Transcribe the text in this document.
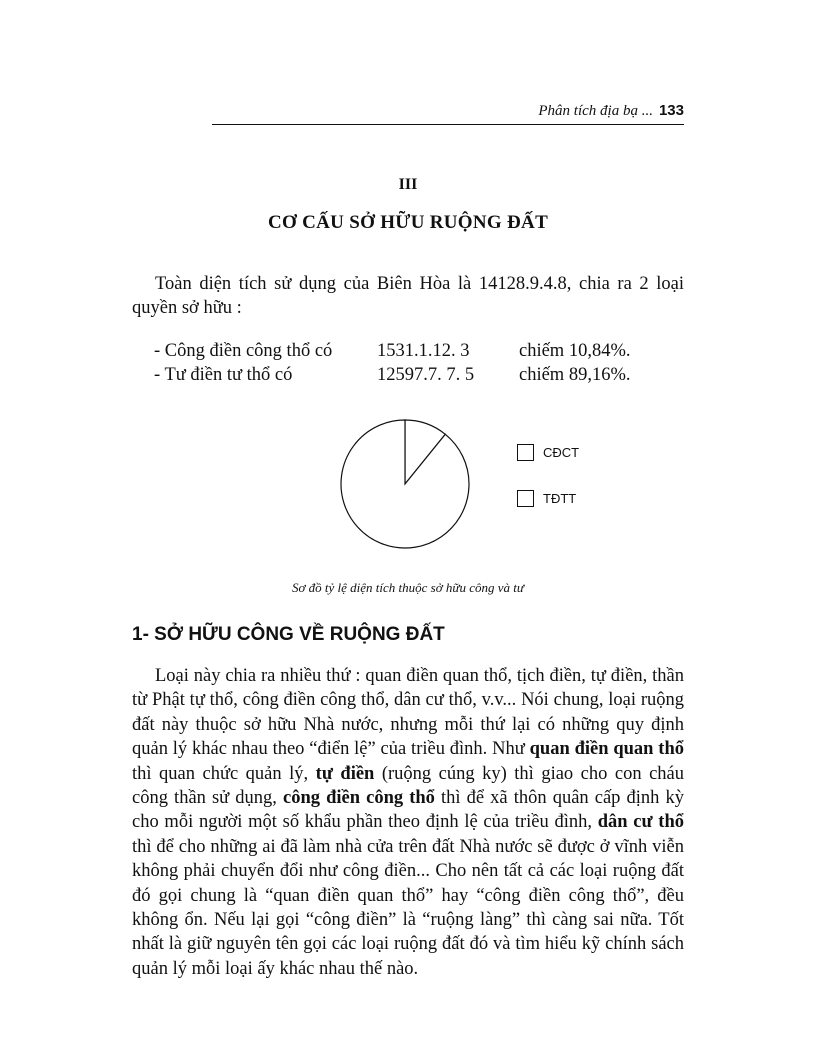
Phân tích địa bạ ... 133
III
CƠ CẤU SỞ HỮU RUỘNG ĐẤT
Toàn diện tích sử dụng của Biên Hòa là 14128.9.4.8, chia ra 2 loại quyền sở hữu :
- Công điền công thổ có 1531.1.12. 3	chiếm 10,84%.
- Tư điền tư thổ có	12597.7. 7. 5 chiếm 89,16%.
CĐCT
TĐTT
Sơ đồ tỷ lệ diện tích thuộc sở hữu công và tư
1- SỞ HỮU CÔNG VỀ RUỘNG ĐẤT
Loại này chia ra nhiều thứ : quan điền quan thổ, tịch điền, tự điền, thần từ Phật tự thổ, công điền công thổ, dân cư thổ, v.v... Nói chung, loại ruộng đất này thuộc sở hữu Nhà nước, nhưng mỗi thứ lại có những quy định quản lý khác nhau theo “điển lệ” của triều đình. Như quan điền quan thổ thì quan chức quản lý, tự điền (ruộng cúng ky) thì giao cho con cháu công thần sử dụng, công điền công thổ thì để xã thôn quân cấp định kỳ cho mỗi người một số khẩu phần theo định lệ của triều đình, dân cư thổ thì để cho những ai đã làm nhà cửa trên đất Nhà nước sẽ được ở vĩnh viễn không phải chuyển đổi như công điền... Cho nên tất cả các loại ruộng đất đó gọi chung là “quan điền quan thổ” hay “công điền công thổ”, đều không ổn. Nếu lại gọi “công điền” là “ruộng làng” thì càng sai nữa. Tốt nhất là giữ nguyên tên gọi các loại ruộng đất đó và tìm hiểu kỹ chính sách quản lý mỗi loại ấy khác nhau thế nào.
